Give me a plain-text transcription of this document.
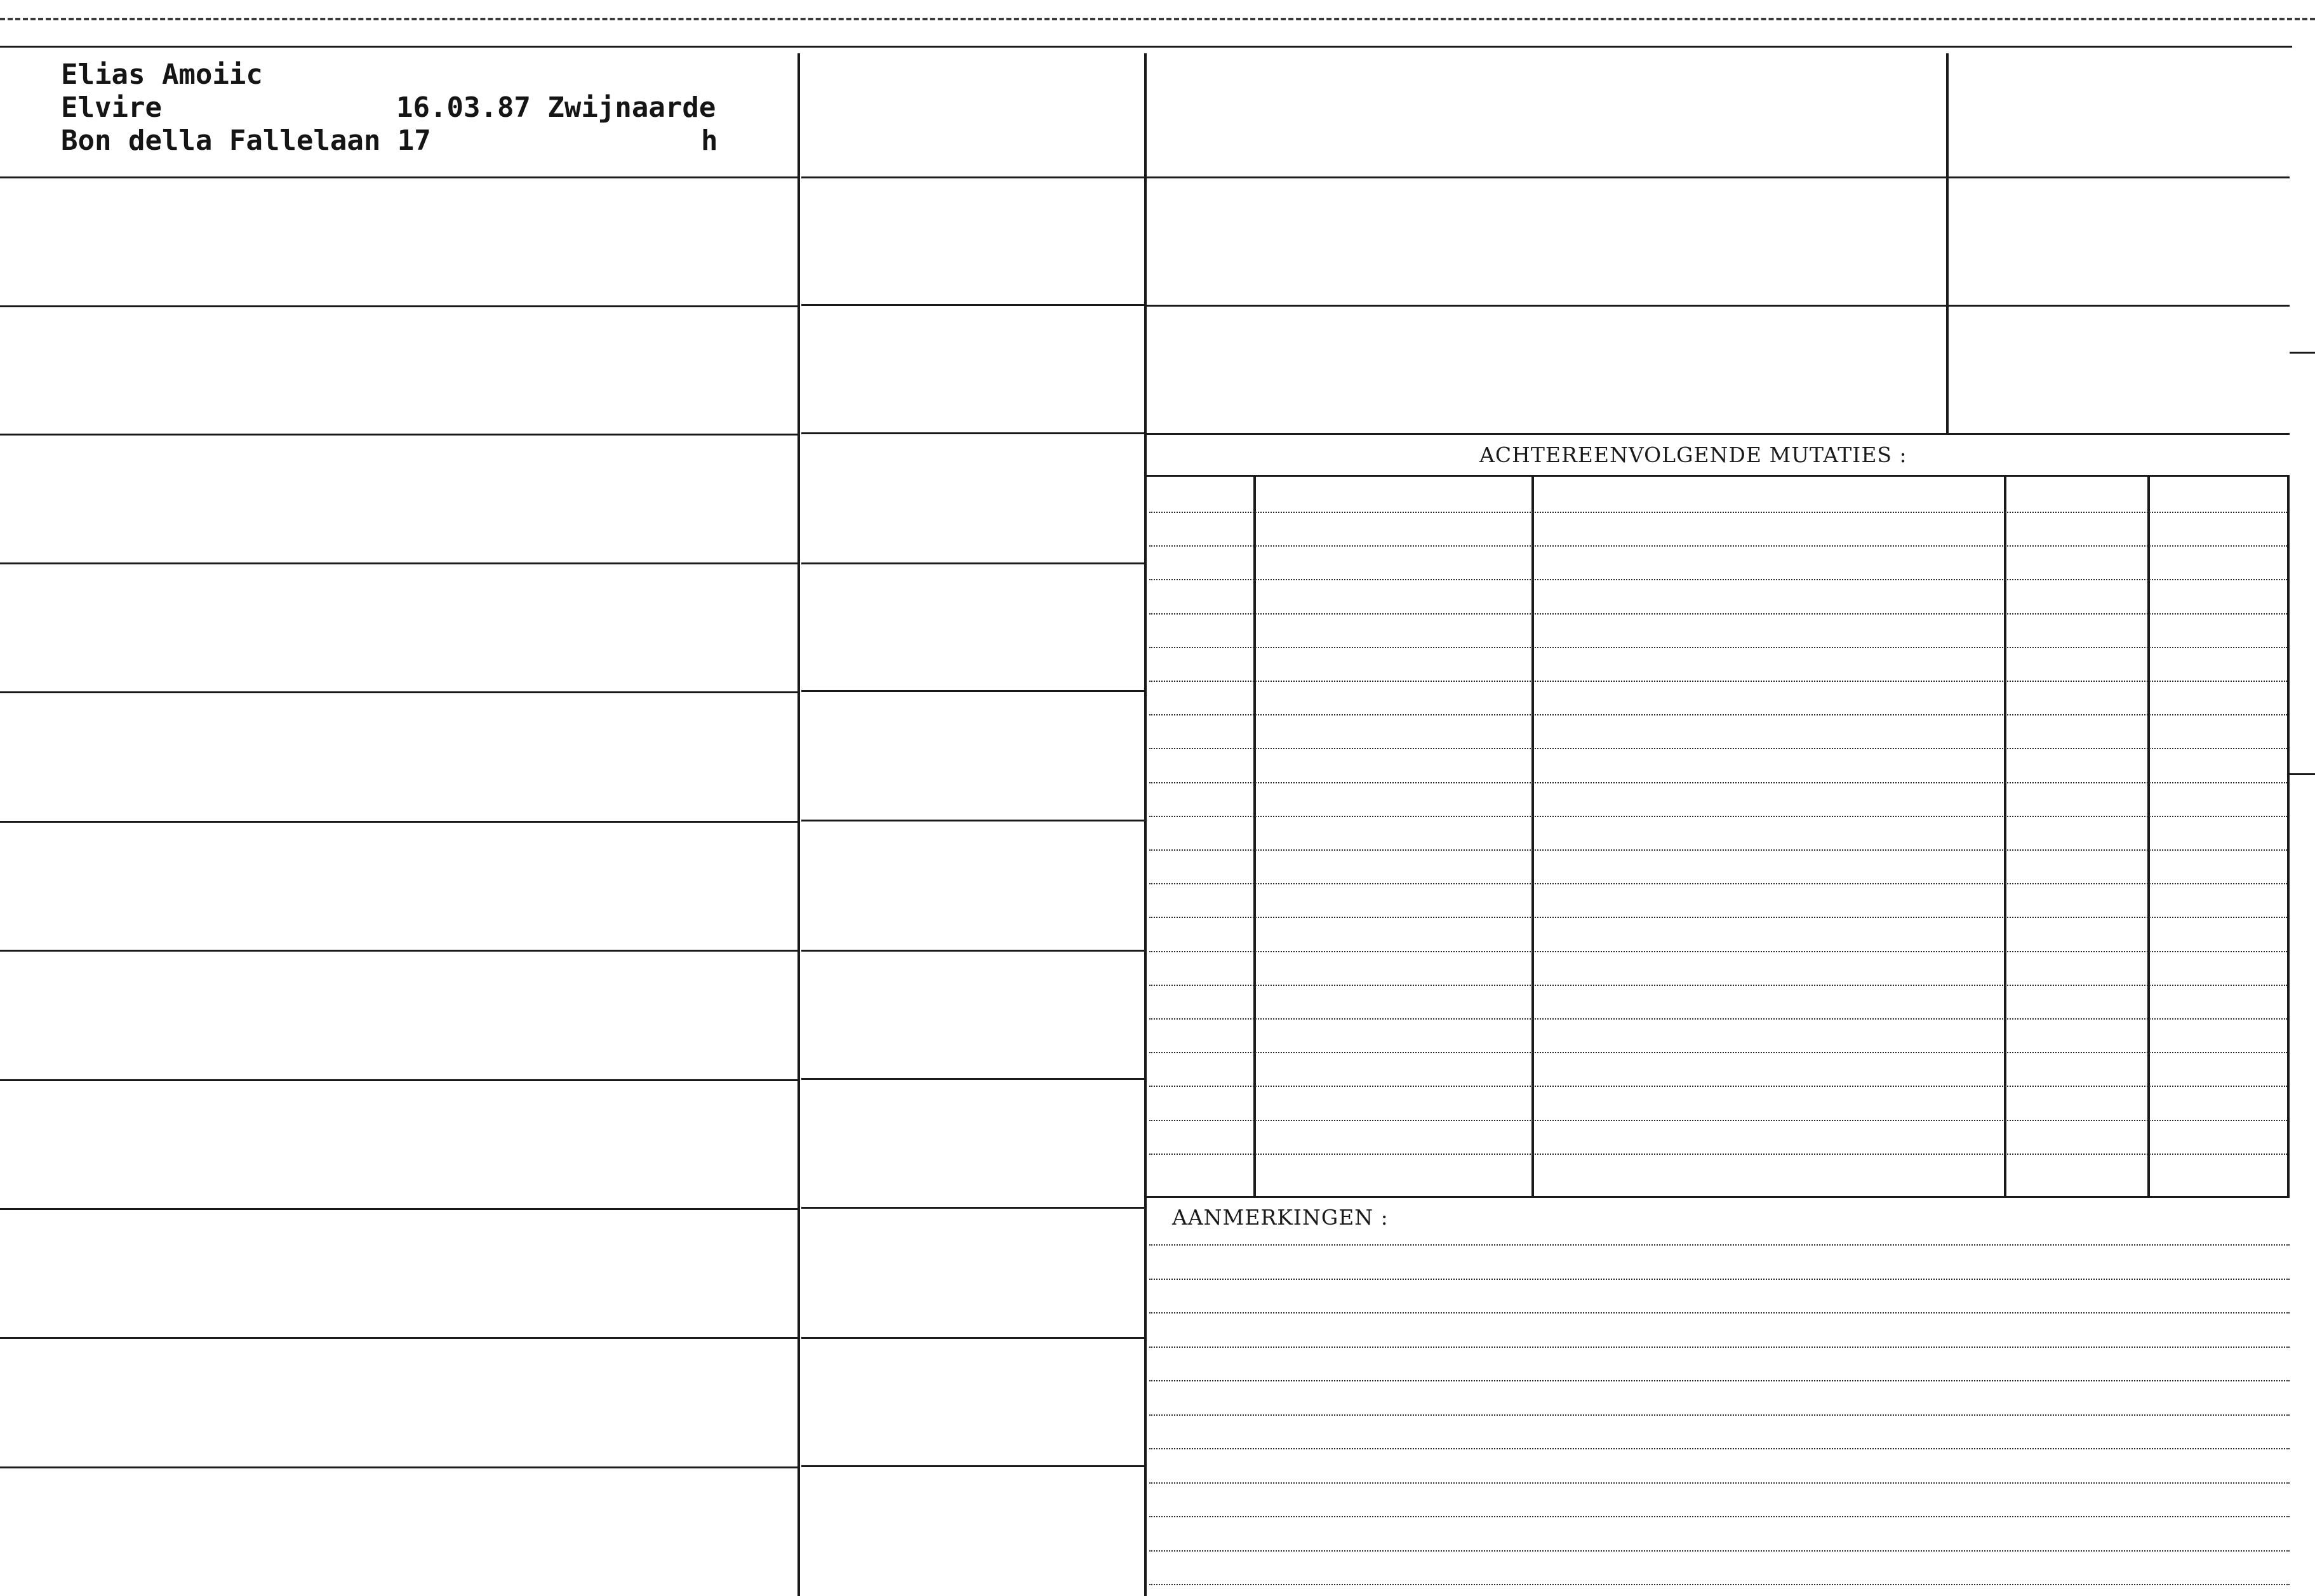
Elias Amoiic
Elvire	16.03.87 Zwijnaarde
Bon della Fallelaan 17	h
ACHTEREENVOLGENDE MUTATIES :
AANMERKINGEN :
